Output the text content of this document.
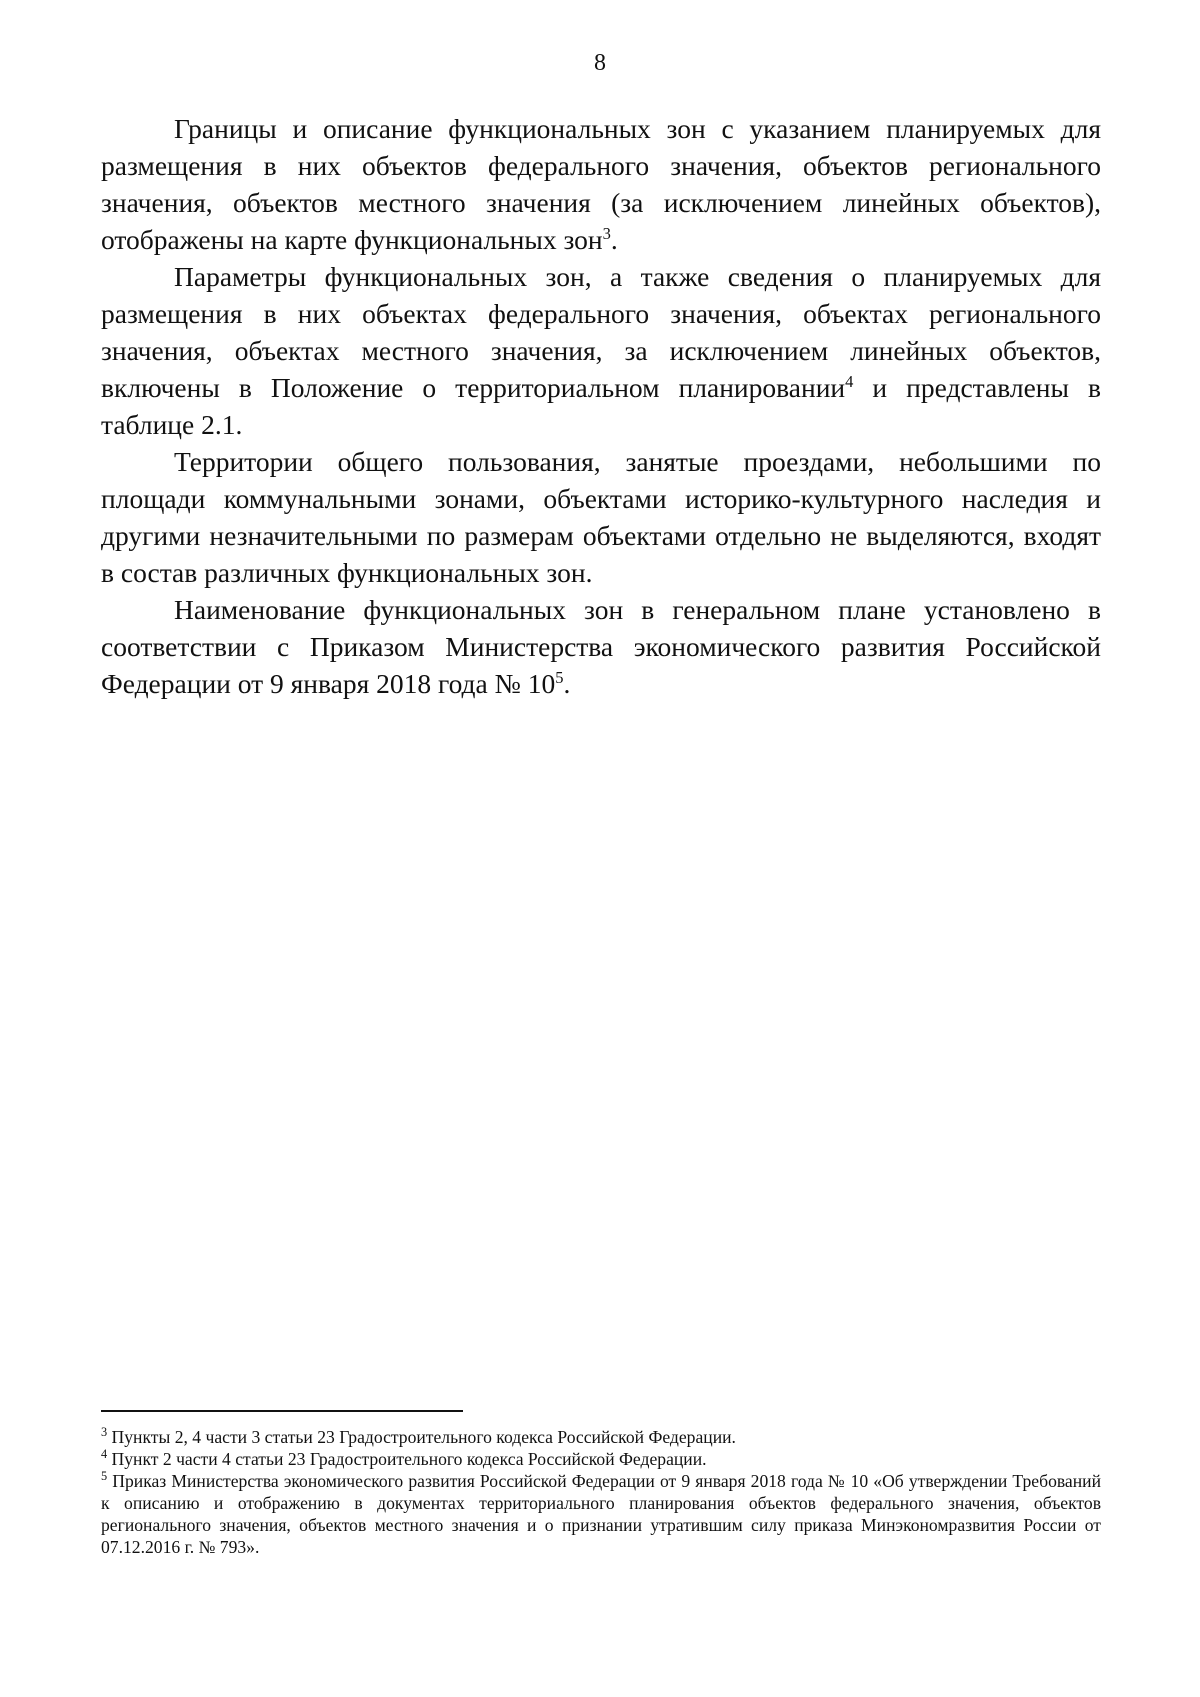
8

Границы и описание функциональных зон с указанием планируемых для размещения в них объектов федерального значения, объектов регионального значения, объектов местного значения (за исключением линейных объектов), отображены на карте функциональных зон$^3$.

Параметры функциональных зон, а также сведения о планируемых для размещения в них объектах федерального значения, объектах регионального значения, объектах местного значения, за исключением линейных объектов, включены в Положение о территориальном планировании$^4$ и представлены в таблице 2.1.

Территории общего пользования, занятые проездами, небольшими по площади коммунальными зонами, объектами историко-культурного наследия и другими незначительными по размерам объектами отдельно не выделяются, входят в состав различных функциональных зон.

Наименование функциональных зон в генеральном плане установлено в соответствии с Приказом Министерства экономического развития Российской Федерации от 9 января 2018 года № $10^5$.

$^3$ Пункты 2, 4 части 3 статьи 23 Градостроительного кодекса Российской Федерации.

$^4$ Пункт 2 части 4 статьи 23 Градостроительного кодекса Российской Федерации.

$^5$ Приказ Министерства экономического развития Российской Федерации от 9 января 2018 года № 10 «Об утверждении Требований к описанию и отображению в документах территориального планирования объектов федерального значения, объектов регионального значения, объектов местного значения и о признании утратившим силу приказа Минэкономразвития России от 07.12.2016 г. № 793».
